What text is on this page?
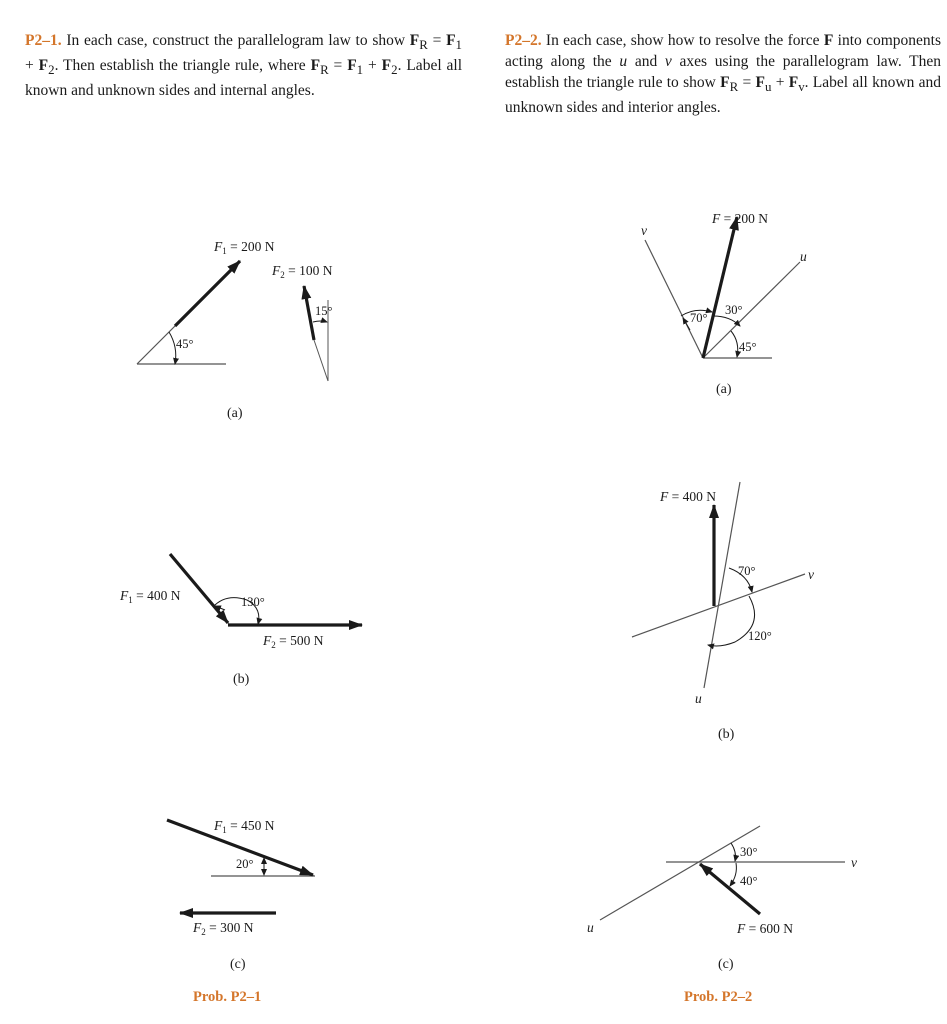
P2–1. In each case, construct the parallelogram law to show $F_R = F_1 + F_2$. Then establish the triangle rule, where $F_R = F_1 + F_2$. Label all known and unknown sides and internal angles.
P2–2. In each case, show how to resolve the force F into components acting along the u and v axes using the parallelogram law. Then establish the triangle rule to show $F_R = F_u + F_v$. Label all known and unknown sides and interior angles.
45°
$F_1 = 200$ N
15°
$F_2 = 100$ N
(a)
130°
$F_1 = 400$ N
$F_2 = 500$ N
(b)
20°
$F_1 = 450$ N
$F_2 = 300$ N
(c)
Prob. P2–1
v
u
F = 200 N
70°
30°
45°
(a)
F = 400 N
v
u
70°
120°
(b)
v
u	F = 600 N
30°
40°
(c)
Prob. P2–2
